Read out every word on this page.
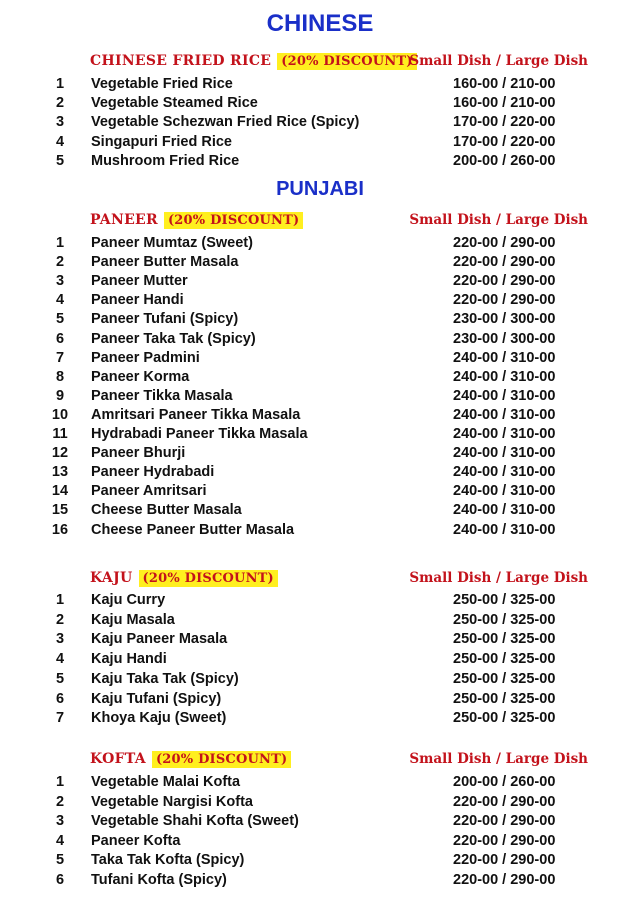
CHINESE
PUNJABI
CHINESE FRIED RICE (20% DISCOUNT)
Small Dish / Large Dish
PANEER (20% DISCOUNT)	Small Dish / Large Dish
KAJU (20% DISCOUNT)	Small Dish / Large Dish
KOFTA (20% DISCOUNT)	Small Dish / Large Dish
1	Vegetable Fried Rice	160-00 / 210-00
2	Vegetable Steamed Rice	160-00 / 210-00
3	Vegetable Schezwan Fried Rice (Spicy)	170-00 / 220-00
4	Singapuri Fried Rice	170-00 / 220-00
5	Mushroom Fried Rice	200-00 / 260-00
1	Paneer Mumtaz (Sweet)	220-00 / 290-00
2	Paneer Butter Masala	220-00 / 290-00
3	Paneer Mutter	220-00 / 290-00
4	Paneer Handi	220-00 / 290-00
5	Paneer Tufani (Spicy)	230-00 / 300-00
6	Paneer Taka Tak (Spicy)	230-00 / 300-00
7	Paneer Padmini	240-00 / 310-00
8	Paneer Korma	240-00 / 310-00
9	Paneer Tikka Masala	240-00 / 310-00
10 Amritsari Paneer Tikka Masala	240-00 / 310-00
11 Hydrabadi Paneer Tikka Masala	240-00 / 310-00
12 Paneer Bhurji	240-00 / 310-00
13 Paneer Hydrabadi	240-00 / 310-00
14 Paneer Amritsari	240-00 / 310-00
15 Cheese Butter Masala	240-00 / 310-00
16 Cheese Paneer Butter Masala	240-00 / 310-00
1	Kaju Curry	250-00 / 325-00
2	Kaju Masala	250-00 / 325-00
3	Kaju Paneer Masala	250-00 / 325-00
4	Kaju Handi	250-00 / 325-00
5	Kaju Taka Tak (Spicy)	250-00 / 325-00
6	Kaju Tufani (Spicy)	250-00 / 325-00
7	Khoya Kaju (Sweet)	250-00 / 325-00
1	Vegetable Malai Kofta	200-00 / 260-00
2	Vegetable Nargisi Kofta	220-00 / 290-00
3	Vegetable Shahi Kofta (Sweet)	220-00 / 290-00
4	Paneer Kofta	220-00 / 290-00
5	Taka Tak Kofta (Spicy)	220-00 / 290-00
6	Tufani Kofta (Spicy)	220-00 / 290-00
